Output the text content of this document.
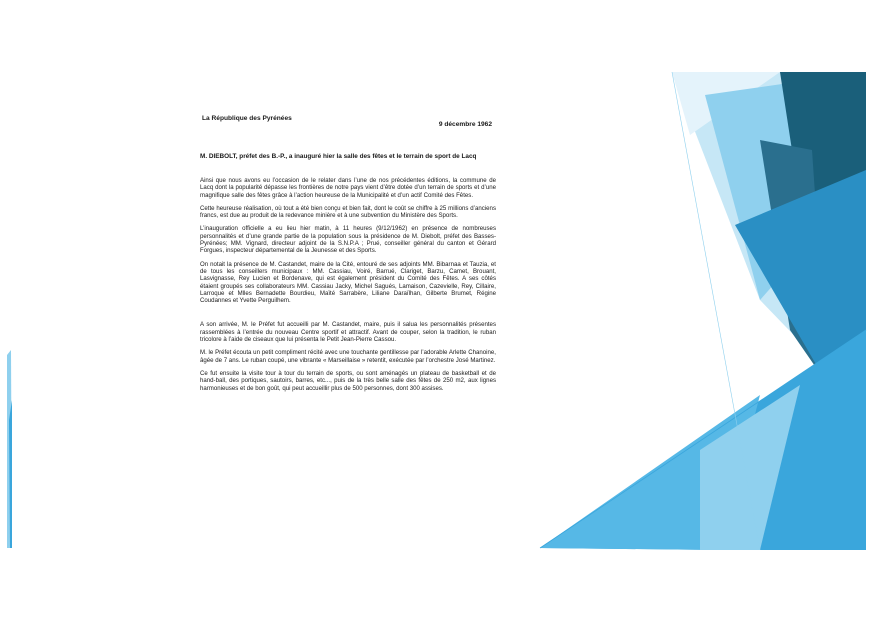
La République des Pyrénées
9 décembre 1962
M. DIEBOLT, préfet des B.-P., a inauguré hier la salle des fêtes et le terrain de sport de Lacq

Ainsi que nous avons eu l’occasion de le relater dans l’une de nos précédentes éditions, la commune de Lacq dont la popularité dépasse les frontières de notre pays vient d’être dotée d’un terrain de sports et d’une magnifique salle des fêtes grâce à l’action heureuse de la Municipalité et d’un actif Comité des Fêtes.

Cette heureuse réalisation, où tout a été bien conçu et bien fait, dont le coût se chiffre à 25 millions d’anciens francs, est due au produit de la redevance minière et à une subvention du Ministère des Sports.

L’inauguration officielle a eu lieu hier matin, à 11 heures (9/12/1962) en présence de nombreuses personnalités et d’une grande partie de la population sous la présidence de M. Diebolt, préfet des Basses-Pyrénées; MM. Vignard, directeur adjoint de la S.N.P.A ; Prué, conseiller général du canton et Gérard Forgues, inspecteur départemental de la Jeunesse et des Sports.

On notait la présence de M. Castandet, maire de la Cité, entouré de ses adjoints MM. Bibarnaa et Tauzia, et de tous les conseillers municipaux : MM. Cassiau, Voiré, Barrué, Clariget, Barzu, Camet, Brouant, Lasvignasse, Rey Lucien et Bordenave, qui est également président du Comité des Fêtes. A ses côtés étaient groupés ses collaborateurs MM. Cassiau Jacky, Michel Sagués, Lamaison, Cazevielle, Rey, Cillaire, Larroque et Mlles Bernadette Bourdieu, Maïté Sarrabère, Liliane Daraïlhan, Gilberte Brumet, Régine Coudannes et Yvette Perguilhem.

A son arrivée, M. le Préfet fut accueilli par M. Castandet, maire, puis il salua les personnalités présentes rassemblées à l’entrée du nouveau Centre sportif et attractif. Avant de couper, selon la tradition, le ruban tricolore à l’aide de ciseaux que lui présenta le Petit Jean-Pierre Cassou.

M. le Préfet écouta un petit compliment récité avec une touchante gentillesse par l’adorable Arlette Chanoine, âgée de 7 ans. Le ruban coupé, une vibrante « Marseillaise » retentit, exécutée par l’orchestre José Martinez.

Ce fut ensuite la visite tour à tour du terrain de sports, ou sont aménagés un plateau de basketball et de hand-ball, des portiques, sautoirs, barres, etc..., puis de la très belle salle des fêtes de 250 m2, aux lignes harmonieuses et de bon goût, qui peut accueillir plus de 500 personnes, dont 300 assises.
